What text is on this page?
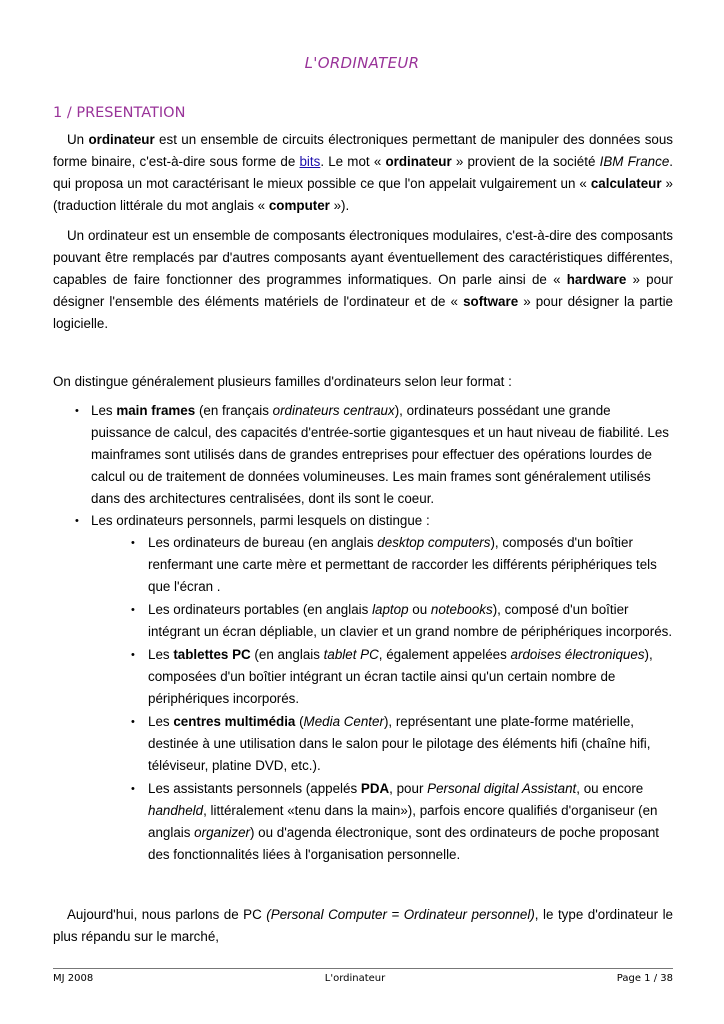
L'ORDINATEUR
1 / PRESENTATION

Un ordinateur est un ensemble de circuits électroniques permettant de manipuler des données sous forme binaire, c'est-à-dire sous forme de bits. Le mot « ordinateur » provient de la société IBM France. qui proposa un mot caractérisant le mieux possible ce que l'on appelait vulgairement un « calculateur » (traduction littérale du mot anglais « computer »).

Un ordinateur est un ensemble de composants électroniques modulaires, c'est-à-dire des composants pouvant être remplacés par d'autres composants ayant éventuellement des caractéristiques différentes, capables de faire fonctionner des programmes informatiques. On parle ainsi de « hardware » pour désigner l'ensemble des éléments matériels de l'ordinateur et de « software » pour désigner la partie logicielle.

On distingue généralement plusieurs familles d'ordinateurs selon leur format :

• Les main frames (en français ordinateurs centraux), ordinateurs possédant une grande puissance de calcul, des capacités d'entrée-sortie gigantesques et un haut niveau de fiabilité. Les mainframes sont utilisés dans de grandes entreprises pour effectuer des opérations lourdes de calcul ou de traitement de données volumineuses. Les main frames sont généralement utilisés dans des architectures centralisées, dont ils sont le coeur.
• Les ordinateurs personnels, parmi lesquels on distingue :
• Les ordinateurs de bureau (en anglais desktop computers), composés d'un boîtier renfermant une carte mère et permettant de raccorder les différents périphériques tels que l'écran .
• Les ordinateurs portables (en anglais laptop ou notebooks), composé d'un boîtier intégrant un écran dépliable, un clavier et un grand nombre de périphériques incorporés.
• Les tablettes PC (en anglais tablet PC, également appelées ardoises électroniques), composées d'un boîtier intégrant un écran tactile ainsi qu'un certain nombre de périphériques incorporés.
• Les centres multimédia (Media Center), représentant une plate-forme matérielle, destinée à une utilisation dans le salon pour le pilotage des éléments hifi (chaîne hifi, téléviseur, platine DVD, etc.).
• Les assistants personnels (appelés PDA, pour Personal digital Assistant, ou encore handheld, littéralement «tenu dans la main»), parfois encore qualifiés d'organiseur (en anglais organizer) ou d'agenda électronique, sont des ordinateurs de poche proposant des fonctionnalités liées à l'organisation personnelle.

Aujourd'hui, nous parlons de PC (Personal Computer = Ordinateur personnel), le type d'ordinateur le plus répandu sur le marché,

MJ 2008	L'ordinateur	Page 1 / 38
